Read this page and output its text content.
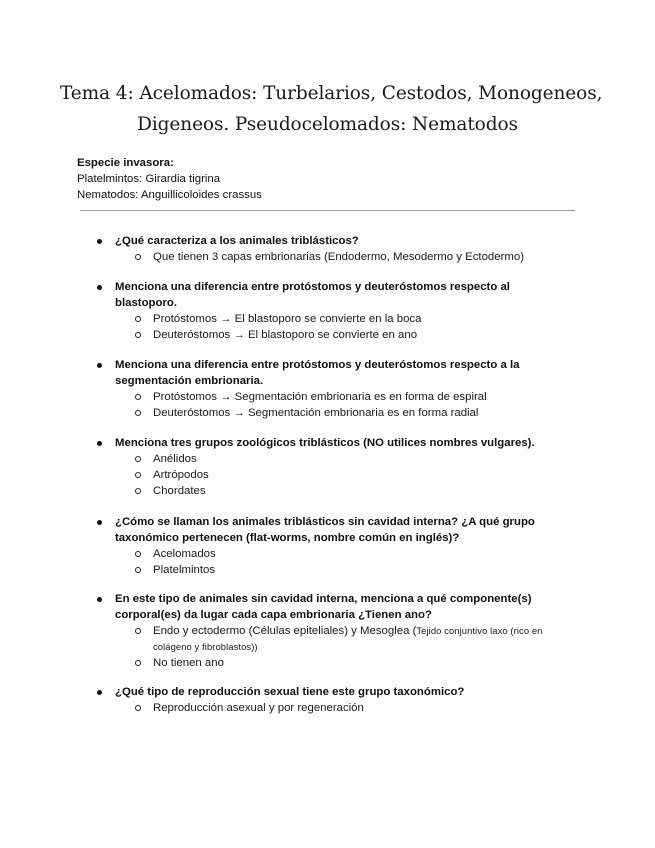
Tema 4: Acelomados: Turbelarios, Cestodos, Monogeneos,
Digeneos. Pseudocelomados: Nematodos
Especie invasora:
Platelmintos: Girardia tigrina
Nematodos: Anguillicoloides crassus
¿Qué caracteriza a los animales triblásticos?
Que tienen 3 capas embrionarias (Endodermo, Mesodermo y Ectodermo)
Menciona una diferencia entre protóstomos y deuteróstomos respecto al blastoporo.
Protóstomos → El blastoporo se convierte en la boca
Deuteróstomos → El blastoporo se convierte en ano
Menciona una diferencia entre protóstomos y deuteróstomos respecto a la segmentación embrionaria.
Protóstomos → Segmentación embrionaria es en forma de espiral
Deuteróstomos → Segmentación embrionaria es en forma radial
Menciona tres grupos zoológicos triblásticos (NO utilices nombres vulgares).
Anélidos
Artrópodos
Chordates
¿Cómo se llaman los animales triblásticos sin cavidad interna? ¿A qué grupo taxonómico pertenecen (flat-worms, nombre común en inglés)?
Acelomados
Platelmintos
En este tipo de animales sin cavidad interna, menciona a qué componente(s) corporal(es) da lugar cada capa embrionaria ¿Tienen ano?
Endo y ectodermo (Células epiteliales) y Mesoglea (Tejido conjuntivo laxo (rico en colágeno y fibroblastos))
No tienen ano
¿Qué tipo de reproducción sexual tiene este grupo taxonómico?
Reproducción asexual y por regeneración
